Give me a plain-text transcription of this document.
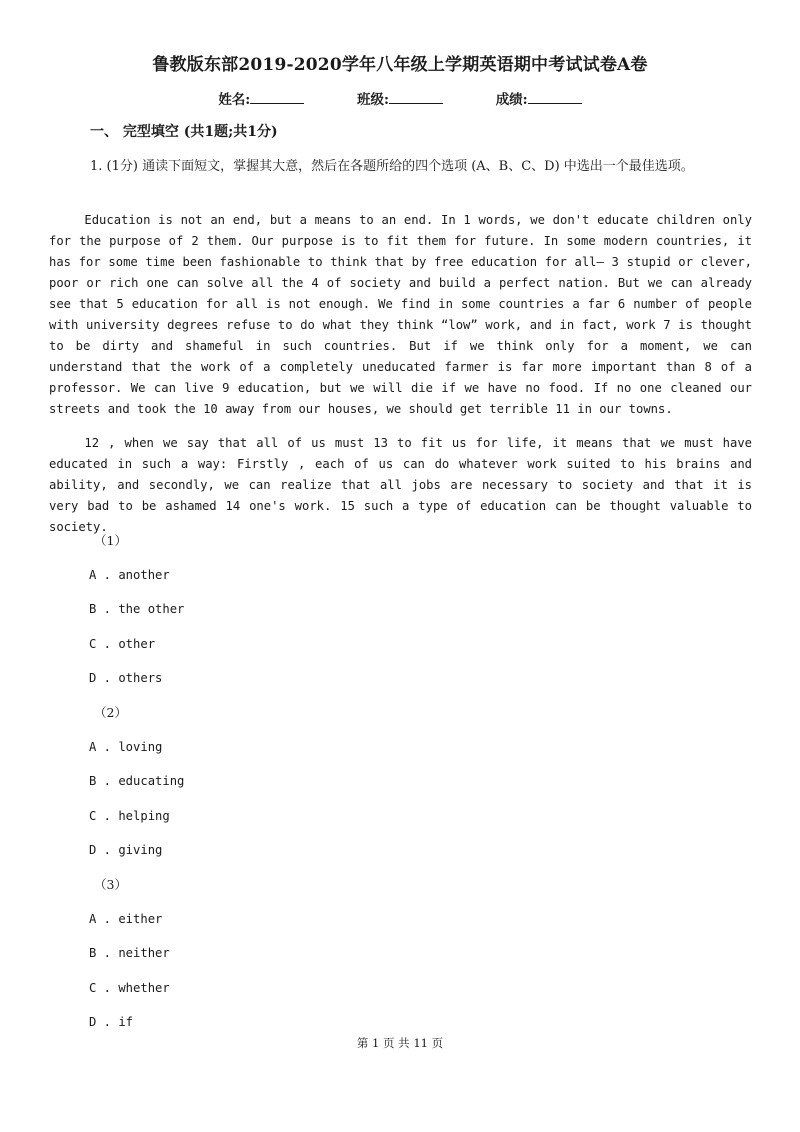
鲁教版东部2019-2020学年八年级上学期英语期中考试试卷A卷
姓名:	班级:	成绩:
一、 完型填空 (共1题;共1分)
1. (1分) 通读下面短文，掌握其大意，然后在各题所给的四个选项 (A、B、C、D) 中选出一个最佳选项。

Education is not an end, but a means to an end. In 1 words, we don't educate children only for the purpose of 2 them. Our purpose is to fit them for future. In some modern countries, it has for some time been fashionable to think that by free education for all— 3 stupid or clever, poor or rich one can solve all the 4 of society and build a perfect nation. But we can already see that 5 education for all is not enough. We find in some countries a far 6 number of people with university degrees refuse to do what they think “low” work, and in fact, work 7 is thought to be dirty and shameful in such countries. But if we think only for a moment, we can understand that the work of a completely uneducated farmer is far more important than 8 of a professor. We can live 9 education, but we will die if we have no food. If no one cleaned our streets and took the 10 away from our houses, we should get terrible 11 in our towns.

12 , when we say that all of us must 13 to fit us for life, it means that we must have educated in such a way: Firstly , each of us can do whatever work suited to his brains and ability, and secondly, we can realize that all jobs are necessary to society and that it is very bad to be ashamed 14 one's work. 15 such a type of education can be thought valuable to society.

（1）
A . another
B . the other
C . other
D . others
（2）
A . loving
B . educating
C . helping
D . giving
（3）
A . either
B . neither
C . whether
D . if
第 1 页 共 11 页
